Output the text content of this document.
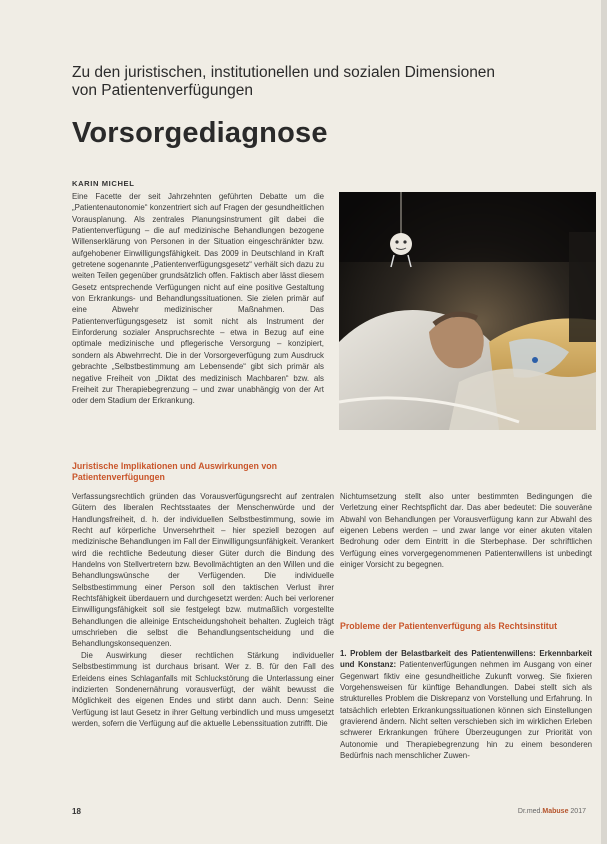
Zu den juristischen, institutionellen und sozialen Dimensionen
von Patientenverfügungen
Vorsorgediagnose
KARIN MICHEL

Eine Facette der seit Jahrzehnten geführten Debatte um die „Patientenautonomie“ konzentriert sich auf Fragen der gesundheitlichen Vorausplanung. Als zentrales Planungsinstrument gilt dabei die Patientenverfügung – die auf medizinische Behandlungen bezogene Willenserklärung von Personen in der Situation eingeschränkter bzw. aufgehobener Einwilligungsfähigkeit. Das 2009 in Deutschland in Kraft getretene sogenannte „Patientenverfügungsgesetz“ verhält sich dazu zu weiten Teilen gegenüber grundsätzlich offen. Faktisch aber lässt diesem Gesetz entsprechende Verfügungen nicht auf eine positive Gestaltung von Erkrankungs- und Behandlungssituationen. Sie zielen primär auf eine Abwehr medizinischer Maßnahmen. Das Patientenverfügungsgesetz ist somit nicht als Instrument der Einforderung sozialer Anspruchsrechte – etwa in Bezug auf eine optimale medizinische und pflegerische Versorgung – konzipiert, sondern als Abwehrrecht. Die in der Vorsorgeverfügung zum Ausdruck gebrachte „Selbstbestimmung am Lebensende“ gibt sich primär als negative Freiheit von „Diktat des medizinisch Machbaren“ bzw. als Freiheit zur Therapiebegrenzung – und zwar unabhängig von der Art oder dem Stadium der Erkrankung.

Juristische Implikationen und Auswirkungen von Patientenverfügungen

Verfassungsrechtlich gründen das Vorausverfügungsrecht auf zentralen Gütern des liberalen Rechtsstaates der Menschenwürde und der Handlungsfreiheit, d. h. der individuellen Selbstbestimmung, sowie im Recht auf körperliche Unversehrtheit – hier speziell bezogen auf medizinische Behandlungen im Fall der Einwilligungsunfähigkeit. Verankert wird die rechtliche Bedeutung dieser Güter durch die Bindung des Handelns von Stellvertretern bzw. Bevollmächtigten an den Willen und die Behandlungswünsche der Verfügenden. Die individuelle Selbstbestimmung einer Person soll den taktischen Verlust ihrer Rechtsfähigkeit überdauern und durchgesetzt werden: Auch bei verlorener Einwilligungsfähigkeit soll sie festgelegt bzw. mutmaßlich vorgestellte Behandlungen die alleinige Entscheidungshoheit behalten. Zugleich trägt umschrieben die selbst die Behandlungsentscheidung und die Behandlungskonsequenzen.

Die Auswirkung dieser rechtlichen Stärkung individueller Selbstbestimmung ist durchaus brisant. Wer z. B. für den Fall des Erleidens eines Schlaganfalls mit Schluckstörung die Unterlassung einer indizierten Sondenernährung vorausverfügt, der wählt bewusst die Möglichkeit des eigenen Endes und stirbt dann auch. Denn: Seine Verfügung ist laut Gesetz in ihrer Geltung verbindlich und muss umgesetzt werden, sofern die Verfügung auf die aktuelle Lebenssituation zutrifft. Die

Nichtumsetzung stellt also unter bestimmten Bedingungen die Verletzung einer Rechtspflicht dar. Das aber bedeutet: Die souveräne Abwahl von Behandlungen per Vorausverfügung kann zur Abwahl des eigenen Lebens werden – und zwar lange vor einer akuten vitalen Bedrohung oder dem Eintritt in die Sterbephase. Der schriftlichen Verfügung eines vorvergegenommenen Patientenwillens ist unbedingt einiger Vorsicht zu begegnen.

Probleme der Patientenverfügung als Rechtsinstitut

1. Problem der Belastbarkeit des Patientenwillens: Erkennbarkeit und Konstanz: Patientenverfügungen nehmen im Ausgang von einer Gegenwart fiktiv eine gesundheitliche Zukunft vorweg. Sie fixieren Vorgehensweisen für künftige Behandlungen. Dabei stellt sich als strukturelles Problem die Diskrepanz von Vorstellung und Erfahrung. In tatsächlich erlebten Erkrankungssituationen können sich Einstellungen gravierend ändern. Nicht selten verschieben sich im wirklichen Erleben schwerer Erkrankungen frühere Überzeugungen zur Priorität von Autonomie und Therapiebegrenzung hin zu einem besonderen Bedürfnis nach menschlicher Zuwen-

18	Dr.med.Mabuse 2017
